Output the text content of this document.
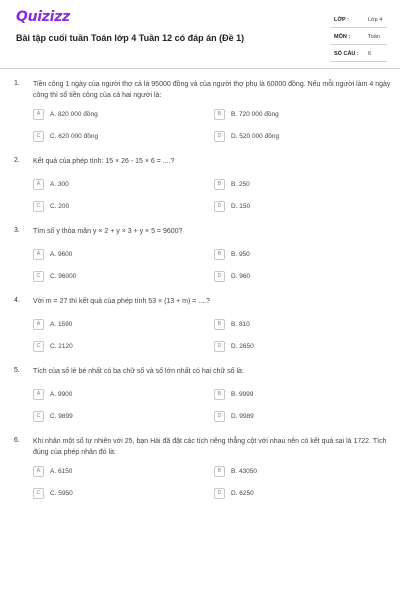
Quizizz
Bài tập cuối tuần Toán lớp 4 Tuần 12 có đáp án (Đề 1)
LỚP :	Lớp 4
MÔN :	Toán
SỐ CÂU : 6
1. Tiền công 1 ngày của người thợ cả là 95000 đồng và của người thợ phụ là 60000 đồng. Nếu mỗi người làm 4 ngày công thì số tiền công của cả hai người là:
A	A. 820 000 đồng	B	B. 720 000 đồng
C	C. 620 000 đồng	D	D. 520 000 đồng
2. Kết quả của phép tính: 15 × 26 - 15 × 6 = ....?
A	A. 300	B	B. 250
C	C. 200	D	D. 150
3. Tìm số y thỏa mãn y × 2 + y × 3 + y × 5 = 9600?
A	A. 9600	B	B. 950
C	C. 96000	D	D. 960
4. Với m = 27 thì kết quả của phép tính 53 × (13 + m) = ....?
A	A. 1590	B	B. 810
C	C. 2120	D	D. 2650
5. Tích của số lẻ bé nhất có ba chữ số và số lớn nhất có hai chữ số là:
A	A. 9900	B	B. 9999
C	C. 9899	D	D. 9989
6. Khi nhân một số tự nhiên với 25, bạn Hải đã đặt các tích riêng thẳng cột với nhau nên có kết quả sai là 1722. Tích đúng của phép nhân đó là:
A	A. 6150	B	B. 43050
C	C. 5950	D	D. 6250
